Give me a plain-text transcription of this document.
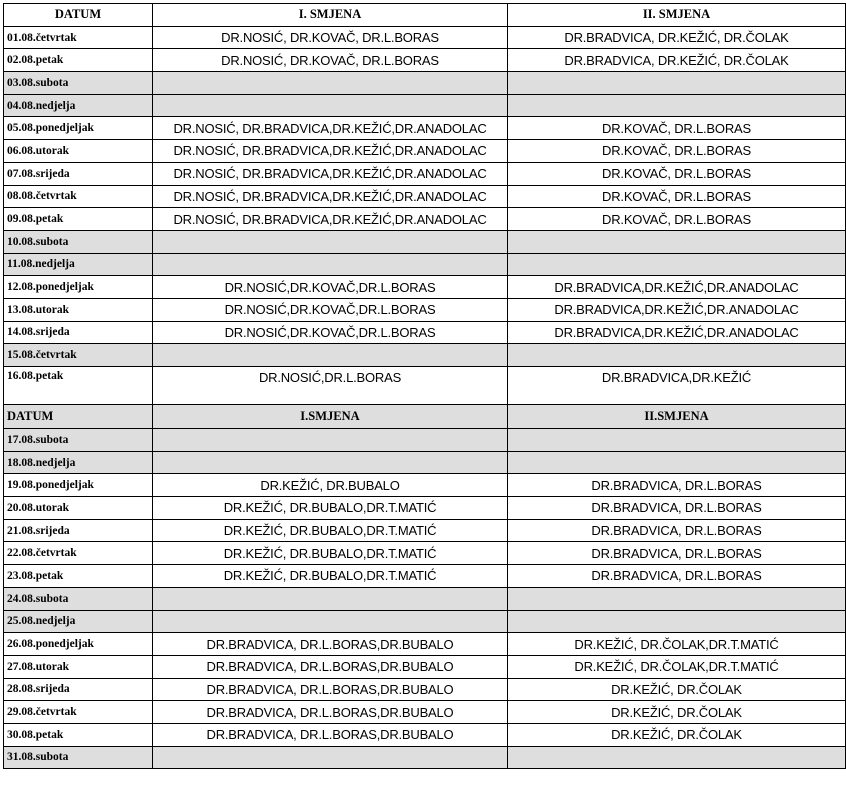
DATUM	I. SMJENA	II. SMJENA
01.08.četvrtak	DR.NOSIĆ, DR.KOVAČ, DR.L.BORAS	DR.BRADVICA, DR.KEŽIĆ, DR.ČOLAK
02.08.petak	DR.NOSIĆ, DR.KOVAČ, DR.L.BORAS	DR.BRADVICA, DR.KEŽIĆ, DR.ČOLAK
03.08.subota		
04.08.nedjelja		
05.08.ponedjeljak	DR.NOSIĆ, DR.BRADVICA,DR.KEŽIĆ,DR.ANADOLAC	DR.KOVAČ, DR.L.BORAS
06.08.utorak	DR.NOSIĆ, DR.BRADVICA,DR.KEŽIĆ,DR.ANADOLAC	DR.KOVAČ, DR.L.BORAS
07.08.srijeda	DR.NOSIĆ, DR.BRADVICA,DR.KEŽIĆ,DR.ANADOLAC	DR.KOVAČ, DR.L.BORAS
08.08.četvrtak	DR.NOSIĆ, DR.BRADVICA,DR.KEŽIĆ,DR.ANADOLAC	DR.KOVAČ, DR.L.BORAS
09.08.petak	DR.NOSIĆ, DR.BRADVICA,DR.KEŽIĆ,DR.ANADOLAC	DR.KOVAČ, DR.L.BORAS
10.08.subota		
11.08.nedjelja		
12.08.ponedjeljak	DR.NOSIĆ,DR.KOVAČ,DR.L.BORAS	DR.BRADVICA,DR.KEŽIĆ,DR.ANADOLAC
13.08.utorak	DR.NOSIĆ,DR.KOVAČ,DR.L.BORAS	DR.BRADVICA,DR.KEŽIĆ,DR.ANADOLAC
14.08.srijeda	DR.NOSIĆ,DR.KOVAČ,DR.L.BORAS	DR.BRADVICA,DR.KEŽIĆ,DR.ANADOLAC
15.08.četvrtak		
16.08.petak	DR.NOSIĆ,DR.L.BORAS	DR.BRADVICA,DR.KEŽIĆ
DATUM	I.SMJENA	II.SMJENA
17.08.subota		
18.08.nedjelja		
19.08.ponedjeljak	DR.KEŽIĆ, DR.BUBALO	DR.BRADVICA, DR.L.BORAS
20.08.utorak	DR.KEŽIĆ, DR.BUBALO,DR.T.MATIĆ	DR.BRADVICA, DR.L.BORAS
21.08.srijeda	DR.KEŽIĆ, DR.BUBALO,DR.T.MATIĆ	DR.BRADVICA, DR.L.BORAS
22.08.četvrtak	DR.KEŽIĆ, DR.BUBALO,DR.T.MATIĆ	DR.BRADVICA, DR.L.BORAS
23.08.petak	DR.KEŽIĆ, DR.BUBALO,DR.T.MATIĆ	DR.BRADVICA, DR.L.BORAS
24.08.subota		
25.08.nedjelja		
26.08.ponedjeljak	DR.BRADVICA, DR.L.BORAS,DR.BUBALO	DR.KEŽIĆ, DR.ČOLAK,DR.T.MATIĆ
27.08.utorak	DR.BRADVICA, DR.L.BORAS,DR.BUBALO	DR.KEŽIĆ, DR.ČOLAK,DR.T.MATIĆ
28.08.srijeda	DR.BRADVICA, DR.L.BORAS,DR.BUBALO	DR.KEŽIĆ, DR.ČOLAK
29.08.četvrtak	DR.BRADVICA, DR.L.BORAS,DR.BUBALO	DR.KEŽIĆ, DR.ČOLAK
30.08.petak	DR.BRADVICA, DR.L.BORAS,DR.BUBALO	DR.KEŽIĆ, DR.ČOLAK
31.08.subota		
